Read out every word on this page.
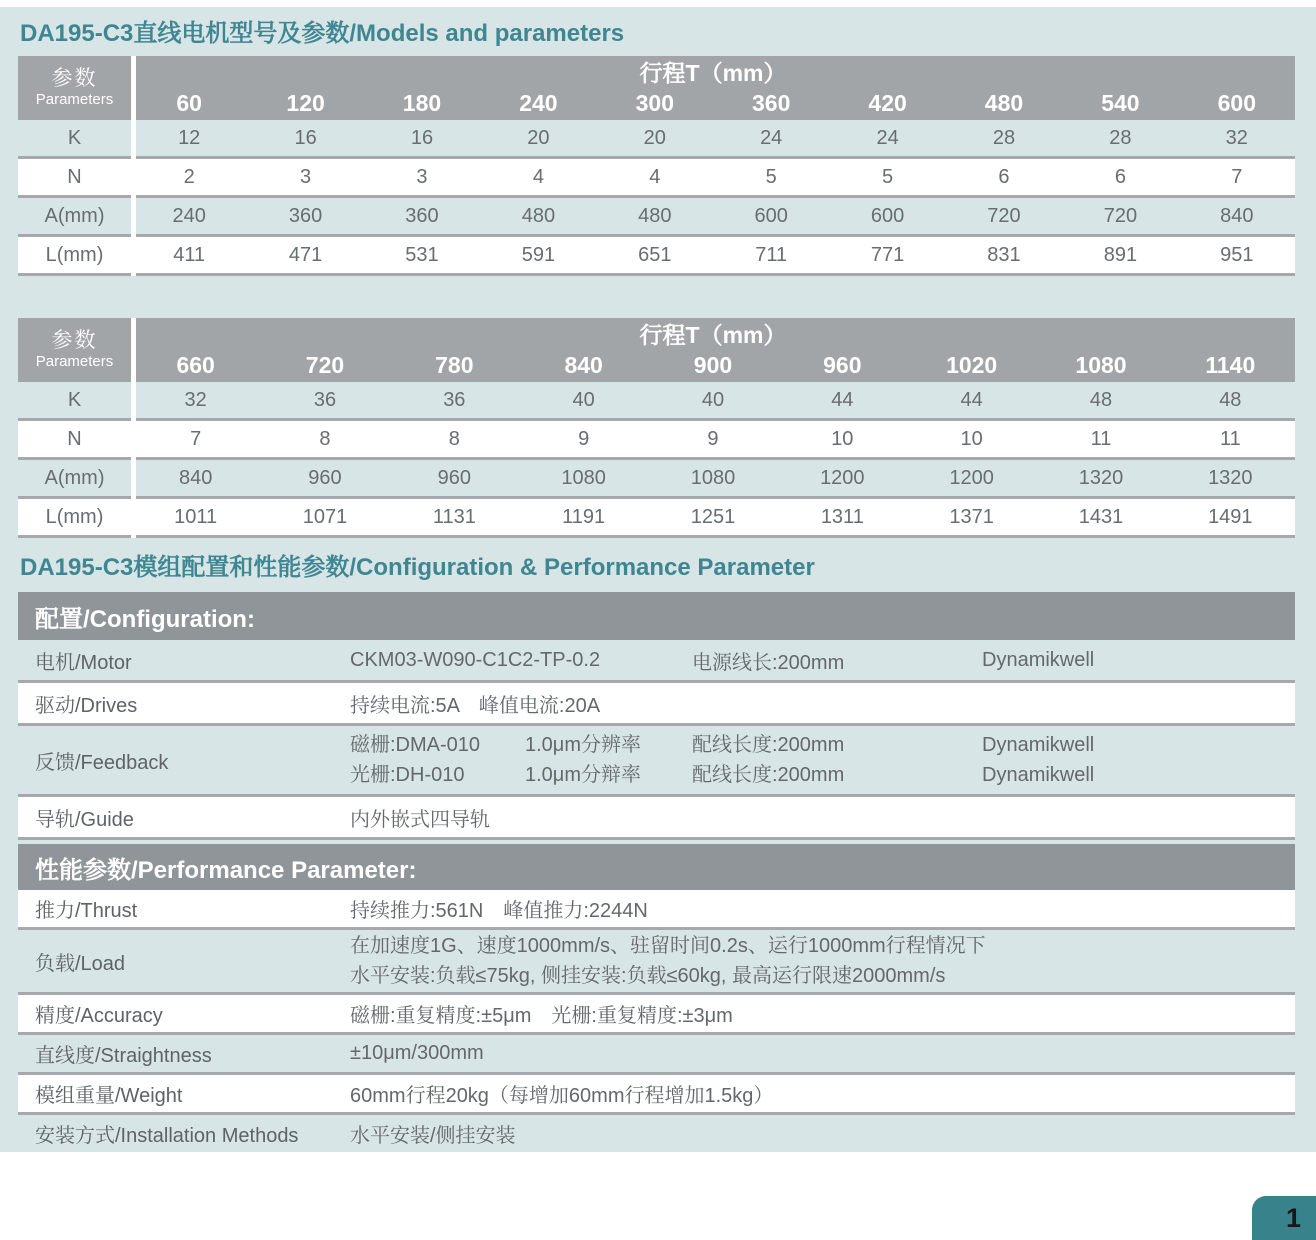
DA195-C3直线电机型号及参数/Models and parameters
参数
Parameters
行程T（mm）
60	120	180	240	300	360	420	480	540	600
K	12	16	16	20	20	24	24	28	28	32
N	2	3	3	4	4	5	5	6	6	7
A(mm)	240	360	360	480	480	600	600	720	720	840
L(mm)	411	471	531	591	651	711	771	831	891	951
参数
Parameters
行程T（mm）
660	720	780	840	900	960	1020	1080	1140
K	32	36	36	40	40	44	44	48	48
N	7	8	8	9	9	10	10	11	11
A(mm)	840	960	960	1080	1080	1200	1200	1320	1320
L(mm)	1011	1071	1131	1191	1251	1311	1371	1431	1491
DA195-C3模组配置和性能参数/Configuration & Performance Parameter
配置/Configuration:
电机/Motor	CKM03-W090-C1C2-TP-0.2	电源线长:200mm	Dynamikwell
驱动/Drives	持续电流:5A　峰值电流:20A
反馈/Feedback
磁栅:DMA-010	1.0μm分辨率	配线长度:200mm	Dynamikwell
光栅:DH-010	1.0μm分辩率	配线长度:200mm	Dynamikwell
导轨/Guide	内外嵌式四导轨
性能参数/Performance Parameter:
推力/Thrust	持续推力:561N　峰值推力:2244N
负载/Load
在加速度1G、速度1000mm/s、驻留时间0.2s、运行1000mm行程情况下
水平安装:负载≤75kg, 侧挂安装:负载≤60kg, 最高运行限速2000mm/s
精度/Accuracy	磁栅:重复精度:±5μm　光栅:重复精度:±3μm
直线度/Straightness	±10μm/300mm
模组重量/Weight	60mm行程20kg（每增加60mm行程增加1.5kg）
安装方式/Installation Methods	水平安装/侧挂安装
1
